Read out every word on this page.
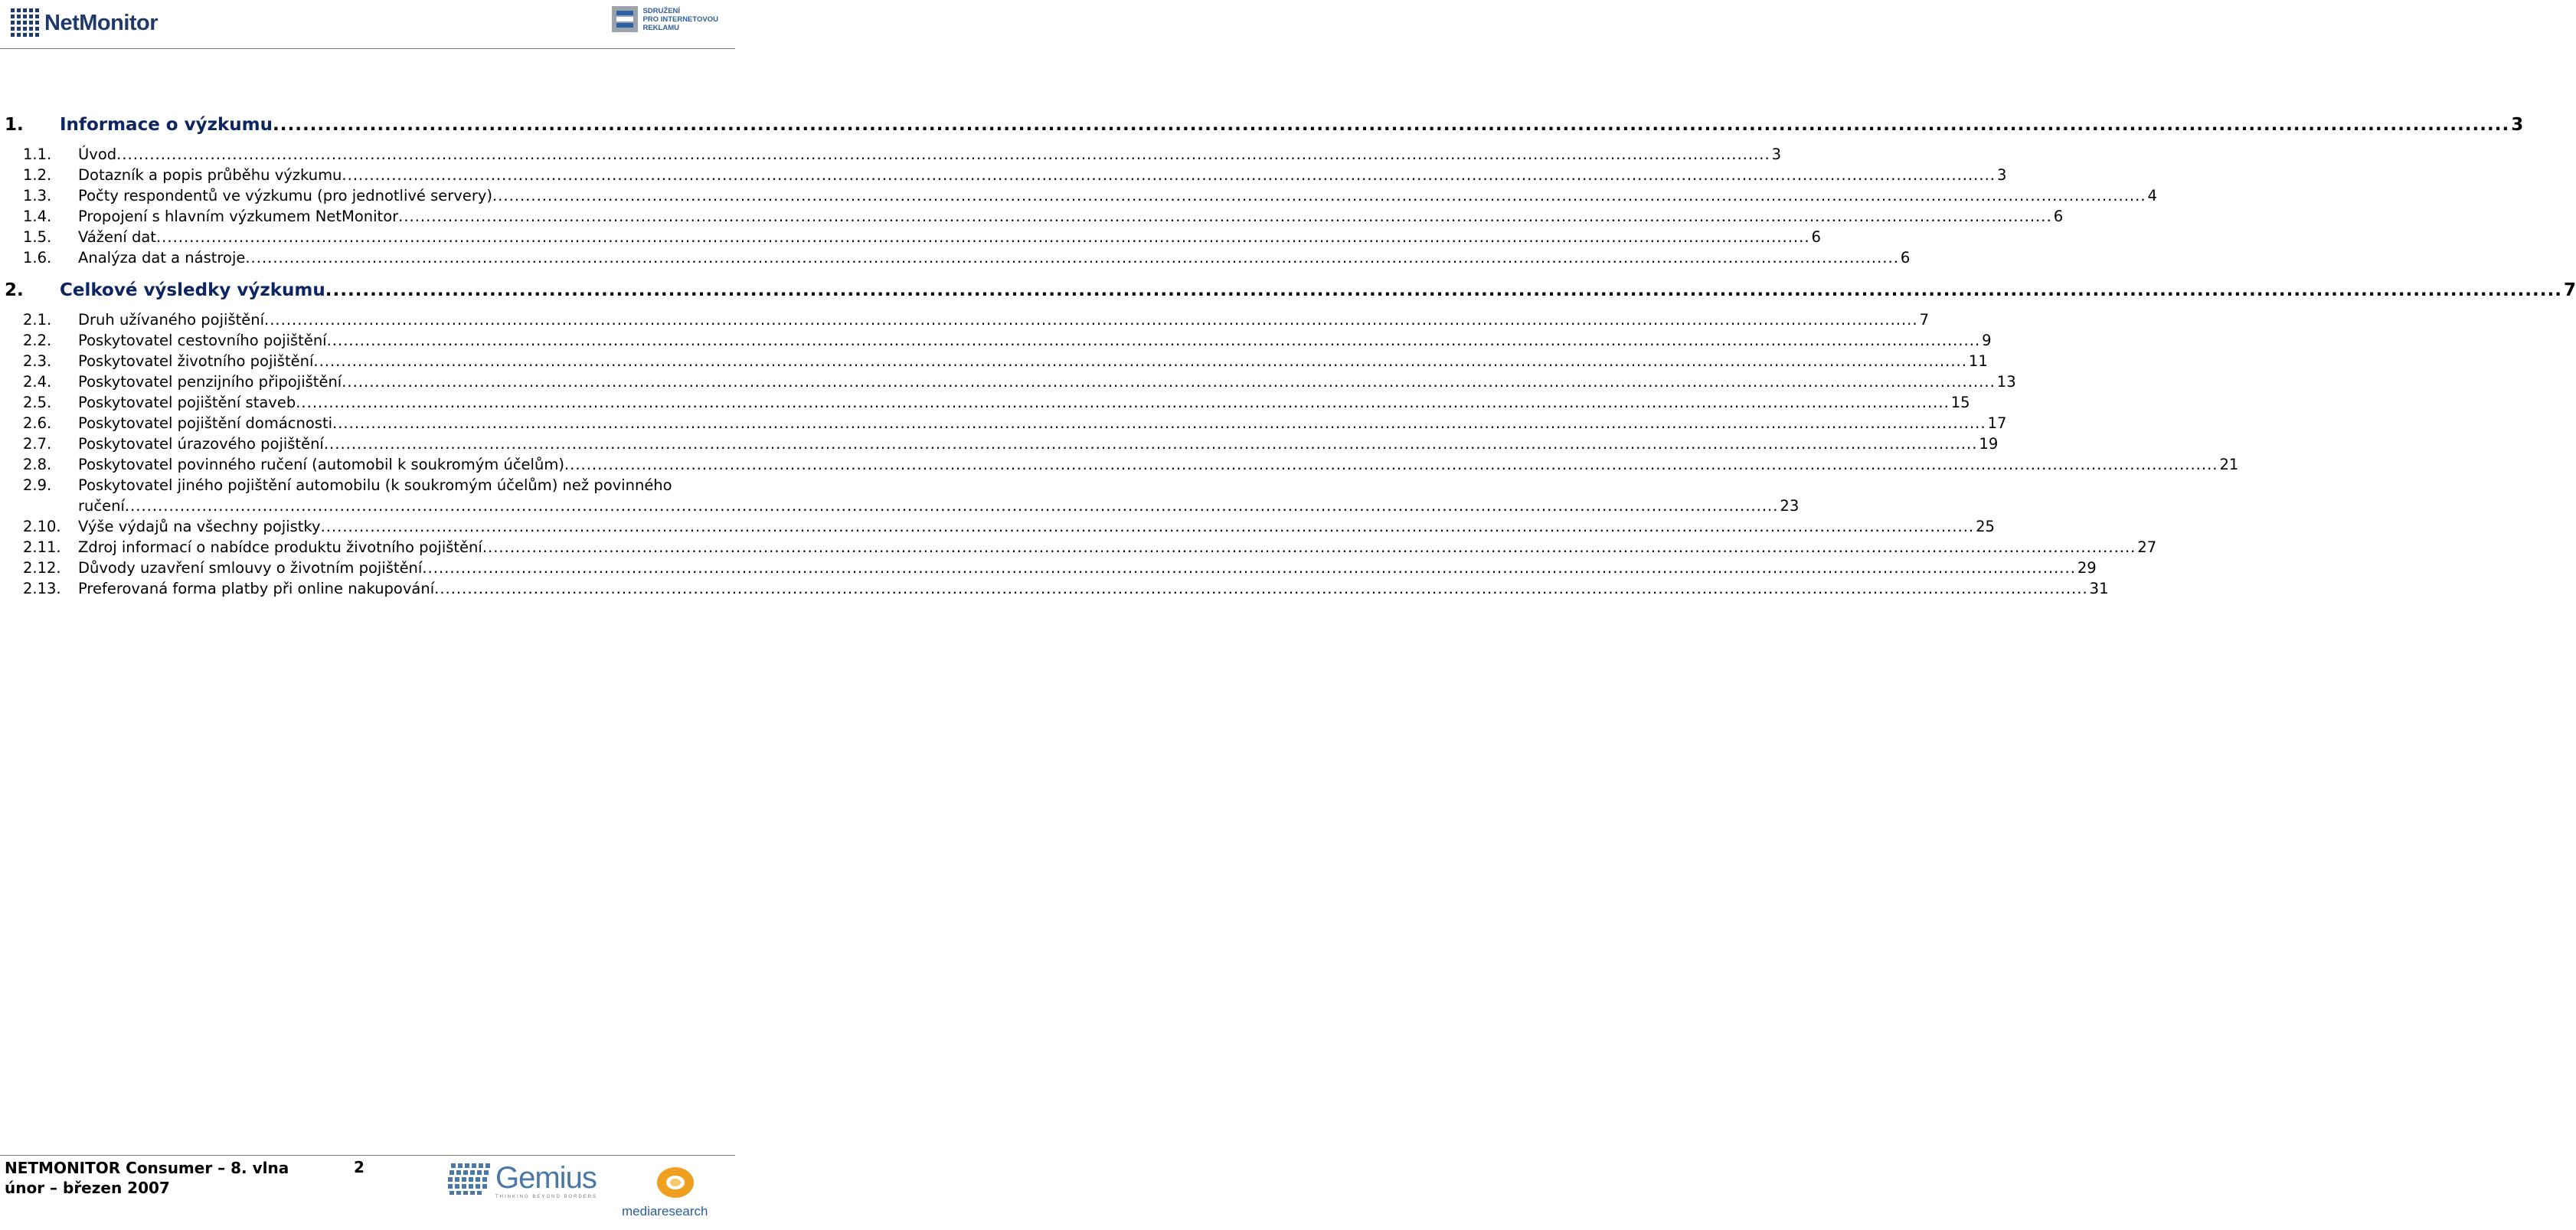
NetMonitor	SDRUŽENÍ
PRO INTERNETOVOU
REKLAMU
1. Informace o výzkumu ............................................................................................................................................................................................................................................................................................................ 3
1.1. Úvod ............................................................................................................................................................................................................................................................................................................ 3
1.2. Dotazník a popis průběhu výzkumu ............................................................................................................................................................................................................................................................................................................ 3
1.3. Počty respondentů ve výzkumu (pro jednotlivé servery) ............................................................................................................................................................................................................................................................................................................ 4
1.4. Propojení s hlavním výzkumem NetMonitor ............................................................................................................................................................................................................................................................................................................ 6
1.5. Vážení dat ............................................................................................................................................................................................................................................................................................................ 6
1.6. Analýza dat a nástroje ............................................................................................................................................................................................................................................................................................................ 6
2. Celkové výsledky výzkumu ............................................................................................................................................................................................................................................................................................................ 7
2.1. Druh užívaného pojištění ............................................................................................................................................................................................................................................................................................................ 7
2.2. Poskytovatel cestovního pojištění ............................................................................................................................................................................................................................................................................................................ 9
2.3. Poskytovatel životního pojištění ............................................................................................................................................................................................................................................................................................................ 11
2.4. Poskytovatel penzijního připojištění ............................................................................................................................................................................................................................................................................................................ 13
2.5. Poskytovatel pojištění staveb ............................................................................................................................................................................................................................................................................................................ 15
2.6. Poskytovatel pojištění domácnosti ............................................................................................................................................................................................................................................................................................................ 17
2.7. Poskytovatel úrazového pojištění ............................................................................................................................................................................................................................................................................................................ 19
2.8. Poskytovatel povinného ručení (automobil k soukromým účelům) ............................................................................................................................................................................................................................................................................................................ 21
2.9. Poskytovatel jiného pojištění automobilu (k soukromým účelům) než povinného
ručení ............................................................................................................................................................................................................................................................................................................ 23
2.10. Výše výdajů na všechny pojistky ............................................................................................................................................................................................................................................................................................................ 25
2.11. Zdroj informací o nabídce produktu životního pojištění ............................................................................................................................................................................................................................................................................................................ 27
2.12. Důvody uzavření smlouvy o životním pojištění ............................................................................................................................................................................................................................................................................................................ 29
2.13. Preferovaná forma platby při online nakupování ............................................................................................................................................................................................................................................................................................................ 31
NETMONITOR Consumer – 8. vlna
únor – březen 2007
2	Gemius
THINKING BEYOND BORDERS
mediaresearch
